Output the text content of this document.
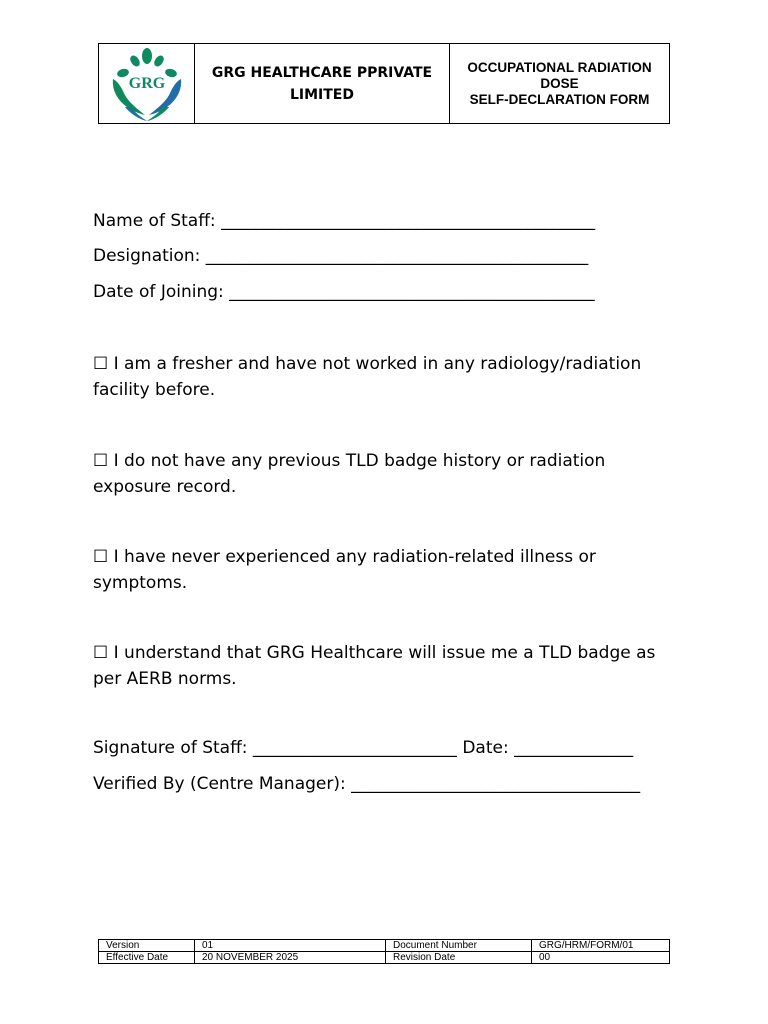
GRG
GRG HEALTHCARE PPRIVATE LIMITED
OCCUPATIONAL RADIATION DOSE
SELF-DECLARATION FORM
Name of Staff: ____________________________________________
Designation: _____________________________________________
Date of Joining: ___________________________________________
☐ I am a fresher and have not worked in any radiology/radiation facility before.
☐ I do not have any previous TLD badge history or radiation exposure record.
☐ I have never experienced any radiation-related illness or symptoms.
☐ I understand that GRG Healthcare will issue me a TLD badge as per AERB norms.
Signature of Staff: ________________________ Date: ______________
Verified By (Centre Manager): __________________________________
Version	01	Document Number	GRG/HRM/FORM/01
Effective Date	20 NOVEMBER 2025	Revision Date	00
